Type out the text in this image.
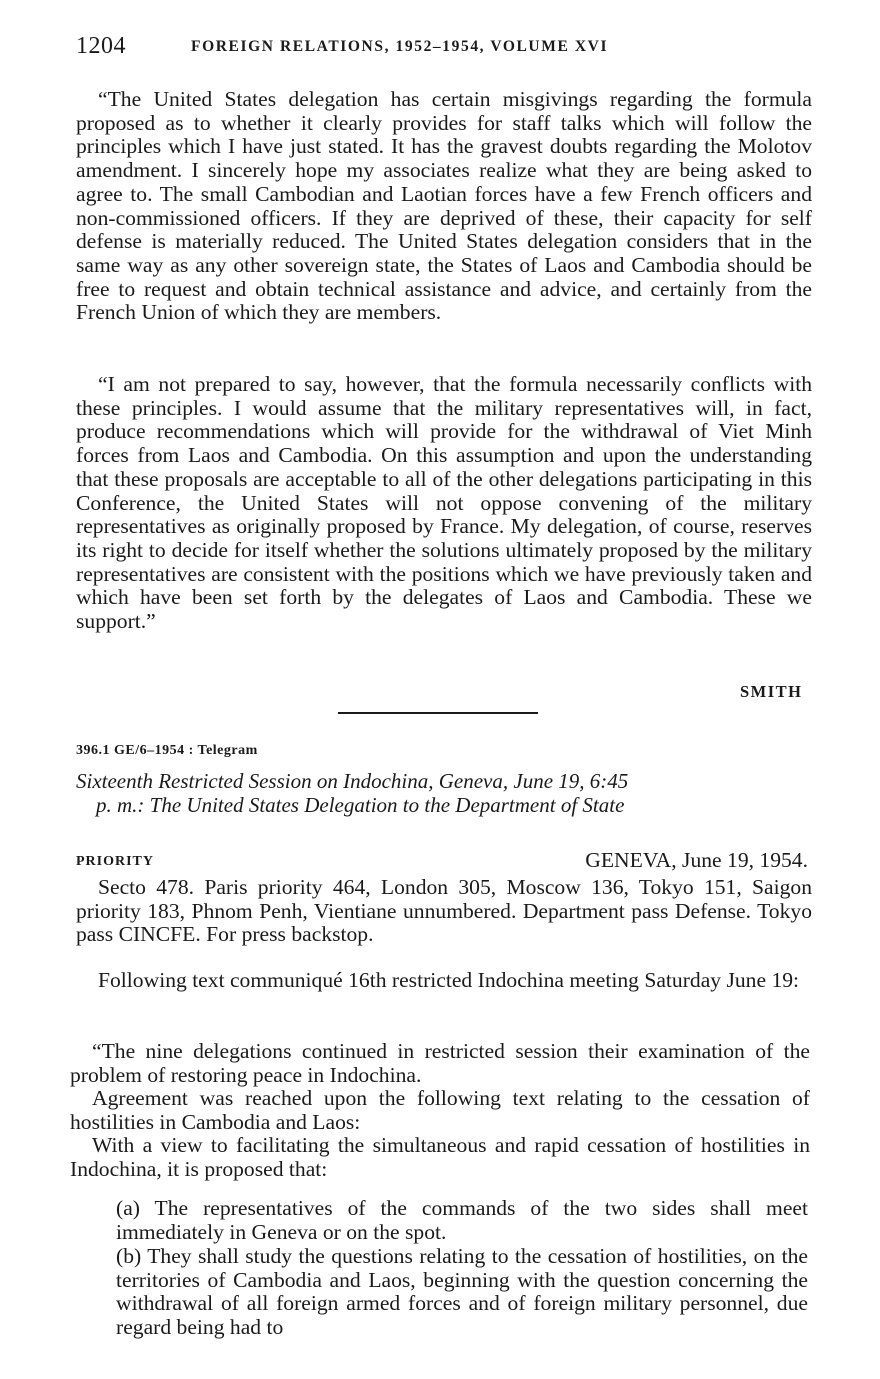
1204	FOREIGN RELATIONS, 1952–1954, VOLUME XVI

“The United States delegation has certain misgivings regarding the formula proposed as to whether it clearly provides for staff talks which will follow the principles which I have just stated. It has the gravest doubts regarding the Molotov amendment. I sincerely hope my associates realize what they are being asked to agree to. The small Cambodian and Laotian forces have a few French officers and non-commissioned officers. If they are deprived of these, their capacity for self defense is materially reduced. The United States delegation considers that in the same way as any other sovereign state, the States of Laos and Cambodia should be free to request and obtain technical assistance and advice, and certainly from the French Union of which they are members.

“I am not prepared to say, however, that the formula necessarily conflicts with these principles. I would assume that the military representatives will, in fact, produce recommendations which will provide for the withdrawal of Viet Minh forces from Laos and Cambodia. On this assumption and upon the understanding that these proposals are acceptable to all of the other delegations participating in this Conference, the United States will not oppose convening of the military representatives as originally proposed by France. My delegation, of course, reserves its right to decide for itself whether the solutions ultimately proposed by the military representatives are consistent with the positions which we have previously taken and which have been set forth by the delegates of Laos and Cambodia. These we support.”

SMITH
396.1 GE/6–1954 : Telegram
Sixteenth Restricted Session on Indochina, Geneva, June 19, 6:45
p. m.: The United States Delegation to the Department of State
PRIORITY	GENEVA, June 19, 1954.

Secto 478. Paris priority 464, London 305, Moscow 136, Tokyo 151, Saigon priority 183, Phnom Penh, Vientiane unnumbered. Department pass Defense. Tokyo pass CINCFE. For press backstop.

Following text communiqué 16th restricted Indochina meeting Saturday June 19:

“The nine delegations continued in restricted session their examination of the problem of restoring peace in Indochina.

Agreement was reached upon the following text relating to the cessation of hostilities in Cambodia and Laos:

With a view to facilitating the simultaneous and rapid cessation of hostilities in Indochina, it is proposed that:

(a) The representatives of the commands of the two sides shall meet immediately in Geneva or on the spot.

(b) They shall study the questions relating to the cessation of hostilities, on the territories of Cambodia and Laos, beginning with the question concerning the withdrawal of all foreign armed forces and of foreign military personnel, due regard being had to
